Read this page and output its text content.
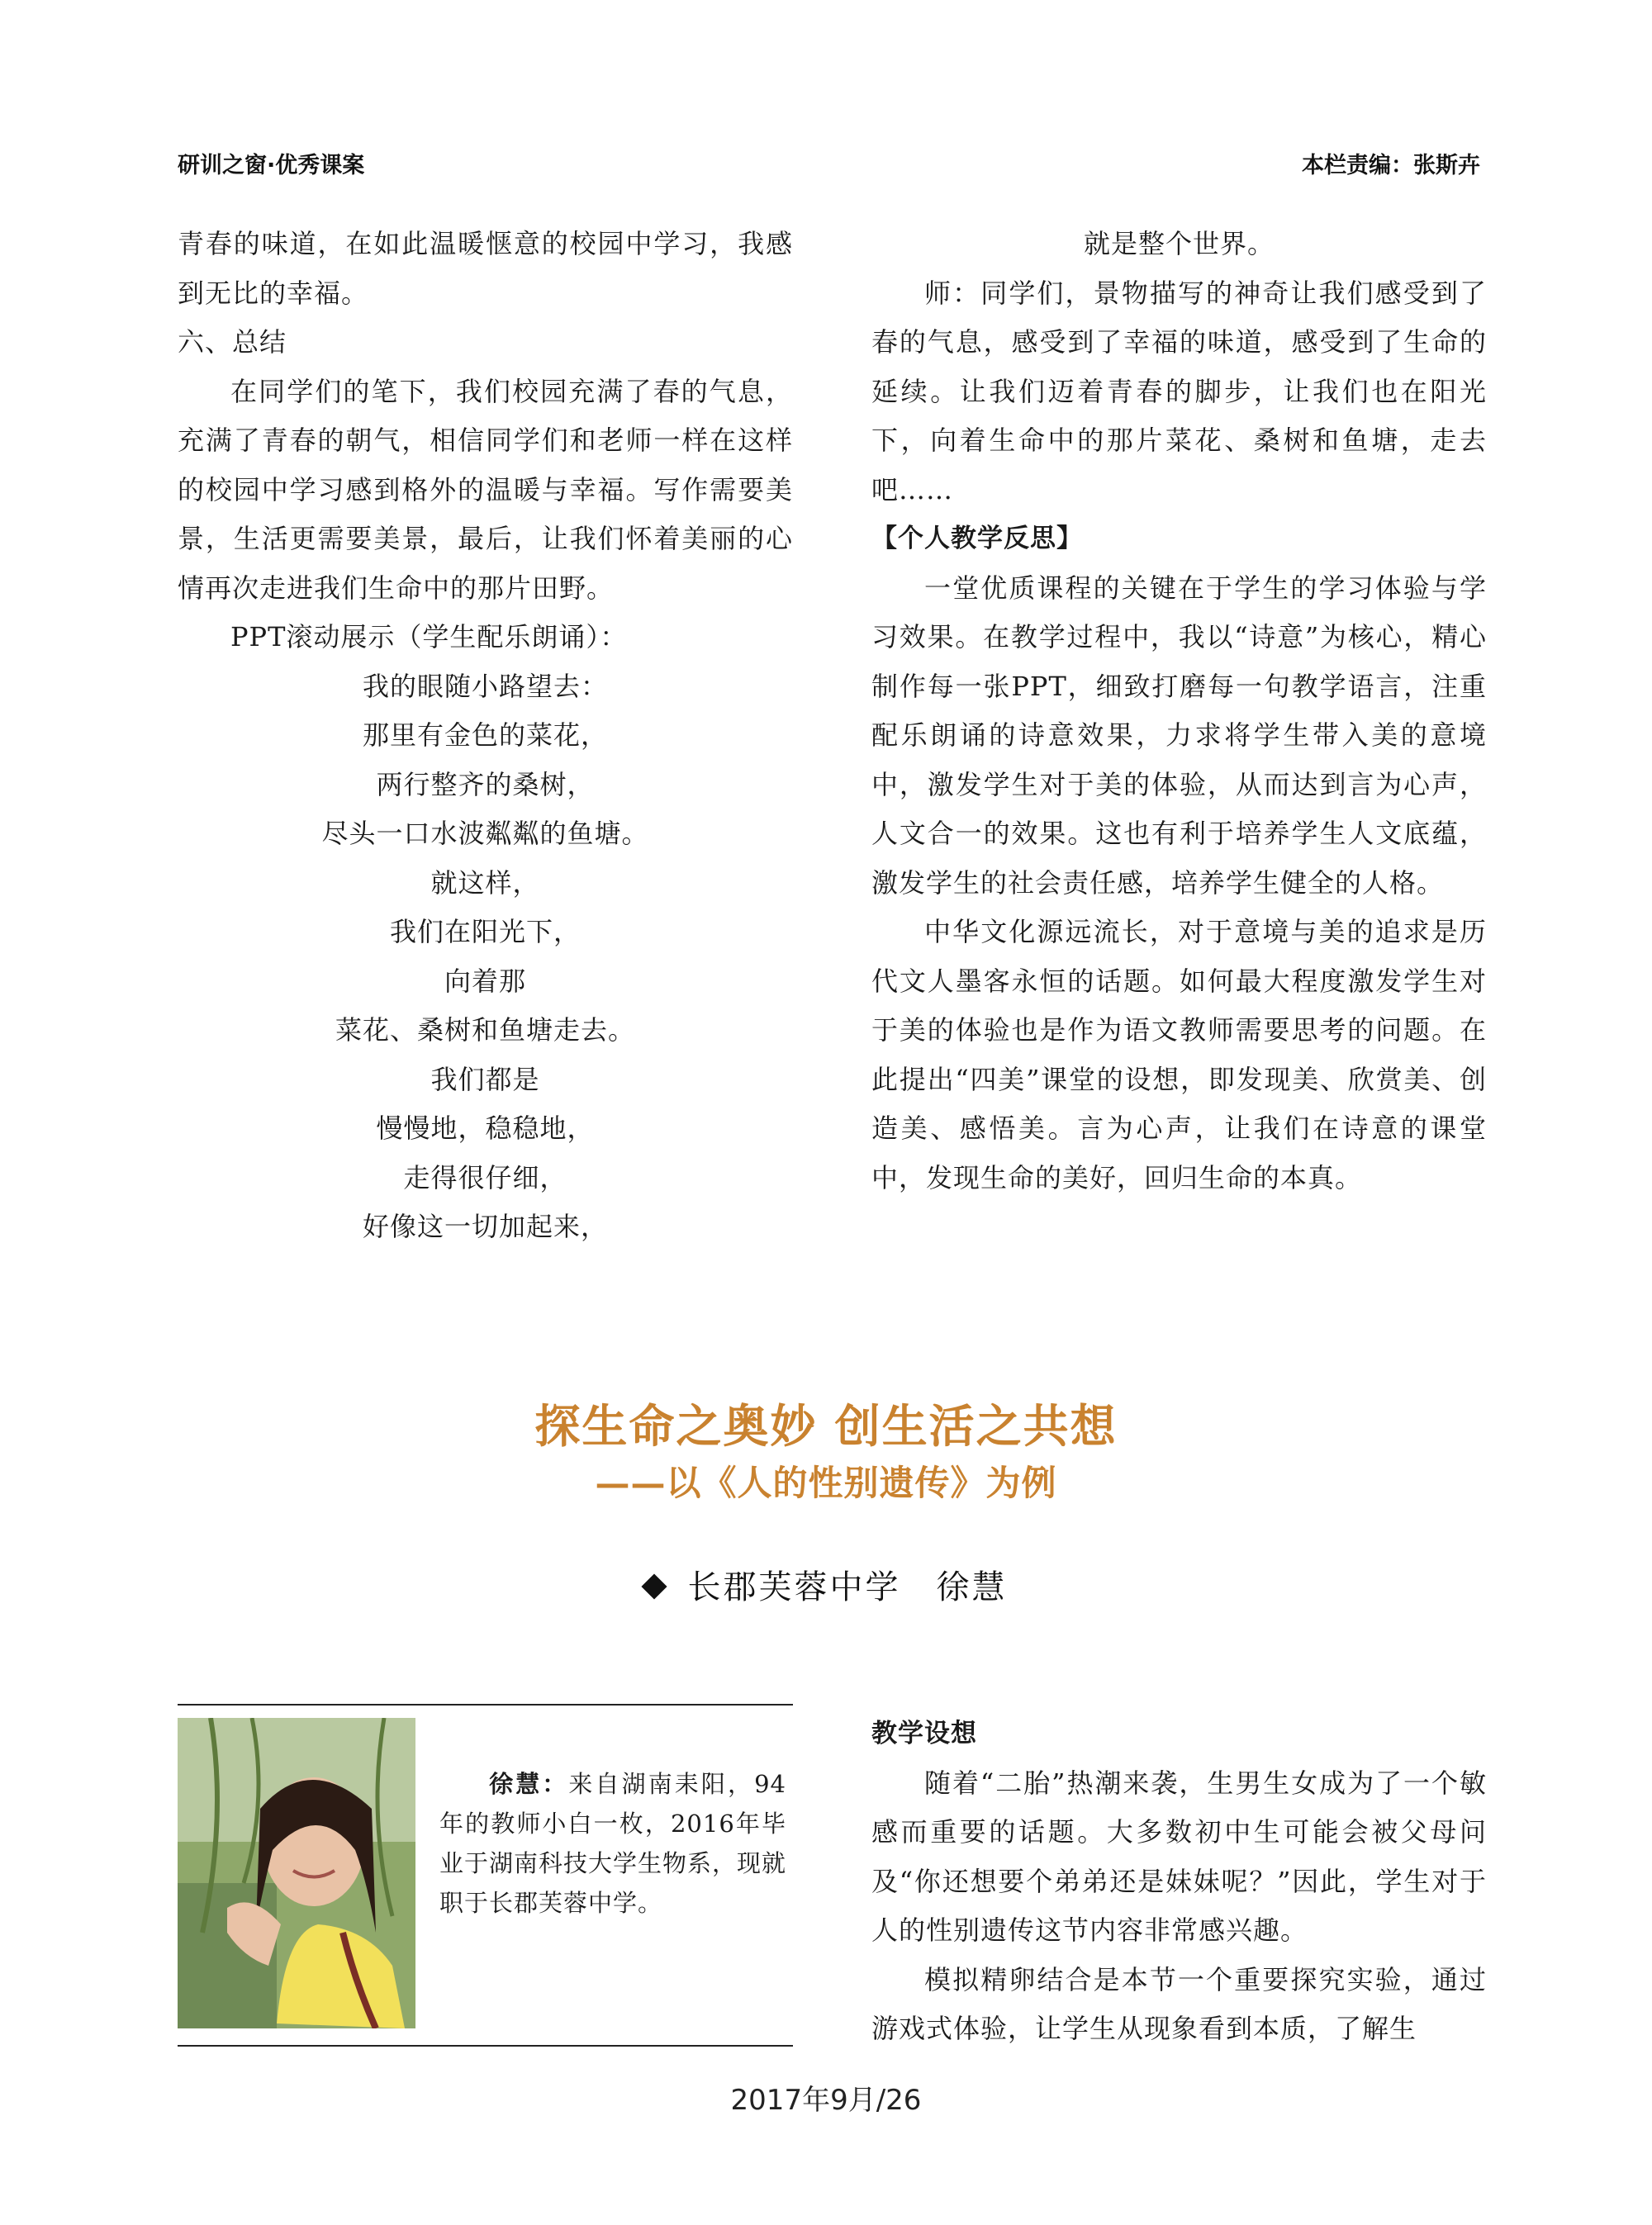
研训之窗·优秀课案	本栏责编：张斯卉

青春的味道，在如此温暖惬意的校园中学习，我感到无比的幸福。

六、总结

在同学们的笔下，我们校园充满了春的气息，充满了青春的朝气，相信同学们和老师一样在这样的校园中学习感到格外的温暖与幸福。写作需要美景，生活更需要美景，最后，让我们怀着美丽的心情再次走进我们生命中的那片田野。

PPT滚动展示（学生配乐朗诵）：

我的眼随小路望去：
那里有金色的菜花，
两行整齐的桑树，
尽头一口水波粼粼的鱼塘。
就这样，
我们在阳光下，
向着那
菜花、桑树和鱼塘走去。
我们都是
慢慢地，稳稳地，
走得很仔细，
好像这一切加起来，

就是整个世界。

师：同学们，景物描写的神奇让我们感受到了春的气息，感受到了幸福的味道，感受到了生命的延续。让我们迈着青春的脚步，让我们也在阳光下，向着生命中的那片菜花、桑树和鱼塘，走去吧……

【个人教学反思】

一堂优质课程的关键在于学生的学习体验与学习效果。在教学过程中，我以“诗意”为核心，精心制作每一张PPT，细致打磨每一句教学语言，注重配乐朗诵的诗意效果，力求将学生带入美的意境中，激发学生对于美的体验，从而达到言为心声，人文合一的效果。这也有利于培养学生人文底蕴，激发学生的社会责任感，培养学生健全的人格。

中华文化源远流长，对于意境与美的追求是历代文人墨客永恒的话题。如何最大程度激发学生对于美的体验也是作为语文教师需要思考的问题。在此提出“四美”课堂的设想，即发现美、欣赏美、创造美、感悟美。言为心声，让我们在诗意的课堂中，发现生命的美好，回归生命的本真。

探生命之奥妙 创生活之共想
——以《人的性别遗传》为例
长郡芙蓉中学　徐慧
徐慧：来自湖南耒阳，94年的教师小白一枚，2016年毕业于湖南科技大学生物系，现就职于长郡芙蓉中学。

教学设想

随着“二胎”热潮来袭，生男生女成为了一个敏感而重要的话题。大多数初中生可能会被父母问及“你还想要个弟弟还是妹妹呢？”因此，学生对于人的性别遗传这节内容非常感兴趣。

模拟精卵结合是本节一个重要探究实验，通过游戏式体验，让学生从现象看到本质，了解生

2017年9月/26
